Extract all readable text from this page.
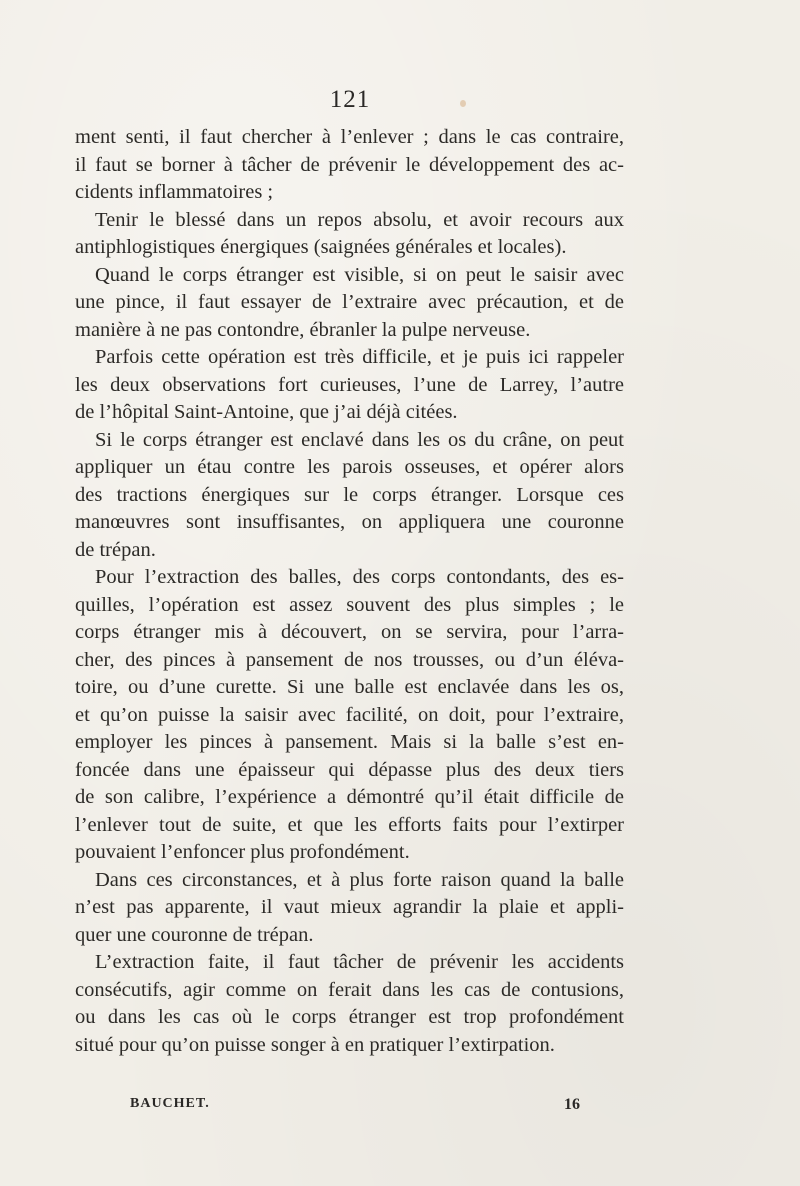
121
ment senti, il faut chercher à l’enlever ; dans le cas contraire,
il faut se borner à tâcher de prévenir le développement des ac-
cidents inflammatoires ;
Tenir le blessé dans un repos absolu, et avoir recours aux
antiphlogistiques énergiques (saignées générales et locales).
Quand le corps étranger est visible, si on peut le saisir avec
une pince, il faut essayer de l’extraire avec précaution, et de
manière à ne pas contondre, ébranler la pulpe nerveuse.
Parfois cette opération est très difficile, et je puis ici rappeler
les deux observations fort curieuses, l’une de Larrey, l’autre
de l’hôpital Saint-Antoine, que j’ai déjà citées.
Si le corps étranger est enclavé dans les os du crâne, on peut
appliquer un étau contre les parois osseuses, et opérer alors
des tractions énergiques sur le corps étranger. Lorsque ces
manœuvres sont insuffisantes, on appliquera une couronne
de trépan.
Pour l’extraction des balles, des corps contondants, des es-
quilles, l’opération est assez souvent des plus simples ; le
corps étranger mis à découvert, on se servira, pour l’arra-
cher, des pinces à pansement de nos trousses, ou d’un éléva-
toire, ou d’une curette. Si une balle est enclavée dans les os,
et qu’on puisse la saisir avec facilité, on doit, pour l’extraire,
employer les pinces à pansement. Mais si la balle s’est en-
foncée dans une épaisseur qui dépasse plus des deux tiers
de son calibre, l’expérience a démontré qu’il était difficile de
l’enlever tout de suite, et que les efforts faits pour l’extirper
pouvaient l’enfoncer plus profondément.
Dans ces circonstances, et à plus forte raison quand la balle
n’est pas apparente, il vaut mieux agrandir la plaie et appli-
quer une couronne de trépan.
L’extraction faite, il faut tâcher de prévenir les accidents
consécutifs, agir comme on ferait dans les cas de contusions,
ou dans les cas où le corps étranger est trop profondément
situé pour qu’on puisse songer à en pratiquer l’extirpation.
BAUCHET.	16
